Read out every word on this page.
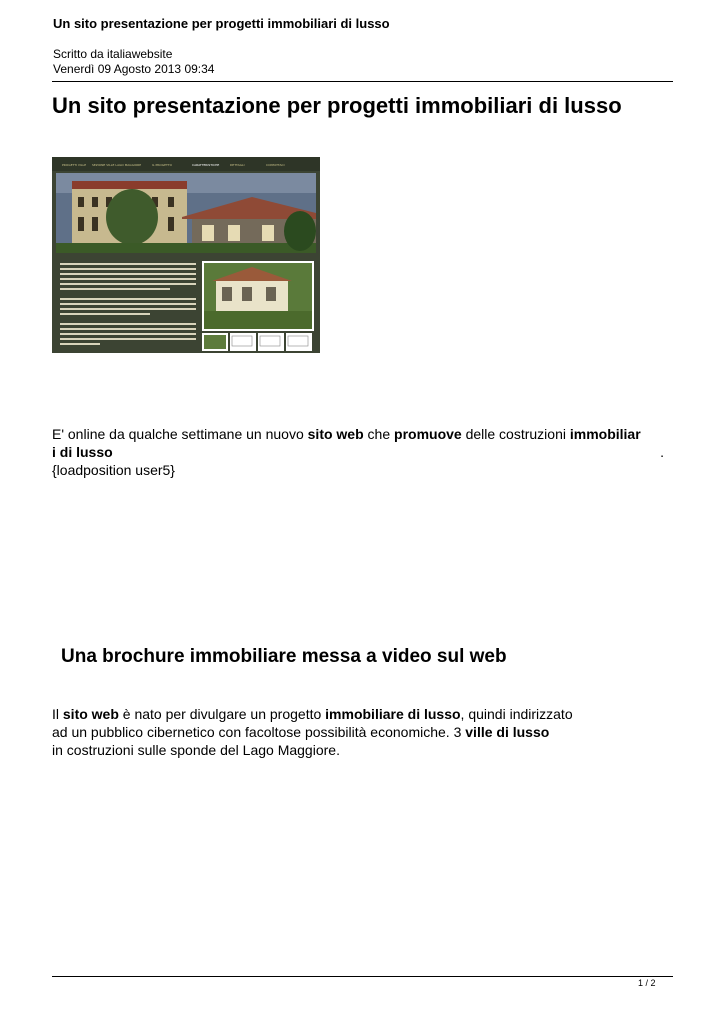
Un sito presentazione per progetti immobiliari di lusso
Scritto da italiawebsite
Venerdì 09 Agosto 2013 09:34
Un sito presentazione per progetti immobiliari di lusso
PROGETTI VILLE SEZIONE VILLE LAGO MAGGIORE	IL PROGETTO	CARATTERISTICHE	DETTAGLI	CONTATTACI
E' online da qualche settimane un nuovo sito web che promuove delle costruzioni immobiliar
i di lusso	.
{loadposition user5}
Una brochure immobiliare messa a video sul web
Il sito web è nato per divulgare un progetto immobiliare di lusso, quindi indirizzato
ad un pubblico cibernetico con facoltose possibilità economiche. 3 ville di lusso
in costruzioni sulle sponde del Lago Maggiore.
1 / 2
